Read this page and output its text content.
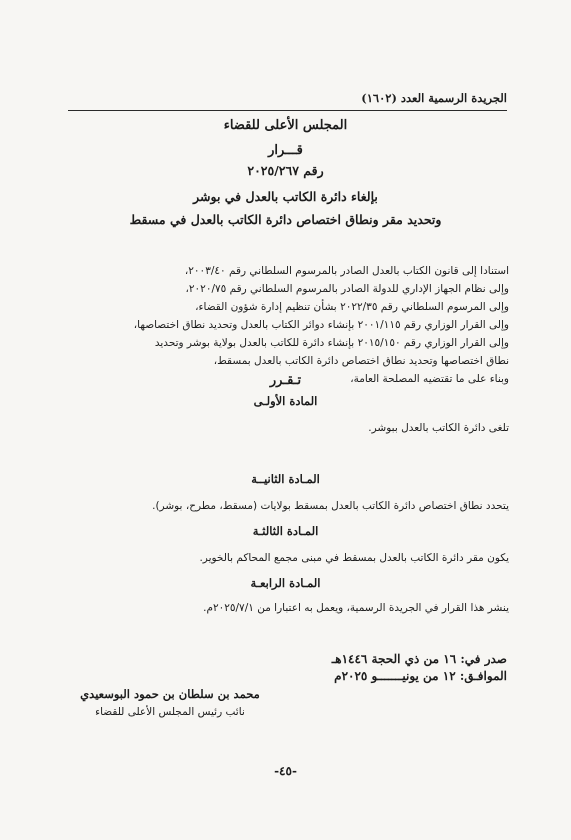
الجريدة الرسمية العدد (١٦٠٢)
المجلس الأعلى للقضاء
قـــرار
رقم ٢٠٢٥/٢٦٧
بإلغاء دائرة الكاتب بالعدل في بوشر
وتحديد مقر ونطاق اختصاص دائرة الكاتب بالعدل في مسقط
استنادا إلى قانون الكتاب بالعدل الصادر بالمرسوم السلطاني رقم ٢٠٠٣/٤٠،
وإلى نظام الجهاز الإداري للدولة الصادر بالمرسوم السلطاني رقم ٢٠٢٠/٧٥،
وإلى المرسوم السلطاني رقم ٢٠٢٢/٣٥ بشأن تنظيم إدارة شؤون القضاء،
وإلى القرار الوزاري رقم ٢٠٠١/١١٥ بإنشاء دوائر الكتاب بالعدل وتحديد نطاق اختصاصها،
وإلى القرار الوزاري رقم ٢٠١٥/١٥٠ بإنشاء دائرة للكاتب بالعدل بولاية بوشر وتحديد
نطاق اختصاصها وتحديد نطاق اختصاص دائرة الكاتب بالعدل بمسقط،
وبناء على ما تقتضيه المصلحة العامة،
تـقـرر
المادة الأولـى
تلغى دائرة الكاتب بالعدل ببوشر.
المـادة الثانيــة
يتحدد نطاق اختصاص دائرة الكاتب بالعدل بمسقط بولايات (مسقط، مطرح، بوشر).
المـادة الثالثـة
يكون مقر دائرة الكاتب بالعدل بمسقط في مبنى مجمع المحاكم بالخوير.
المـادة الرابعـة
ينشر هذا القرار في الجريدة الرسمية، ويعمل به اعتبارا من ٢٠٢٥/٧/١م.
صدر في: ١٦ من ذي الحجة ١٤٤٦هـ
الموافـق: ١٢ من يونيـــــــو ٢٠٢٥م
محمد بن سلطان بن حمود البوسعيدي
نائب رئيس المجلس الأعلى للقضاء
-٤٥-
